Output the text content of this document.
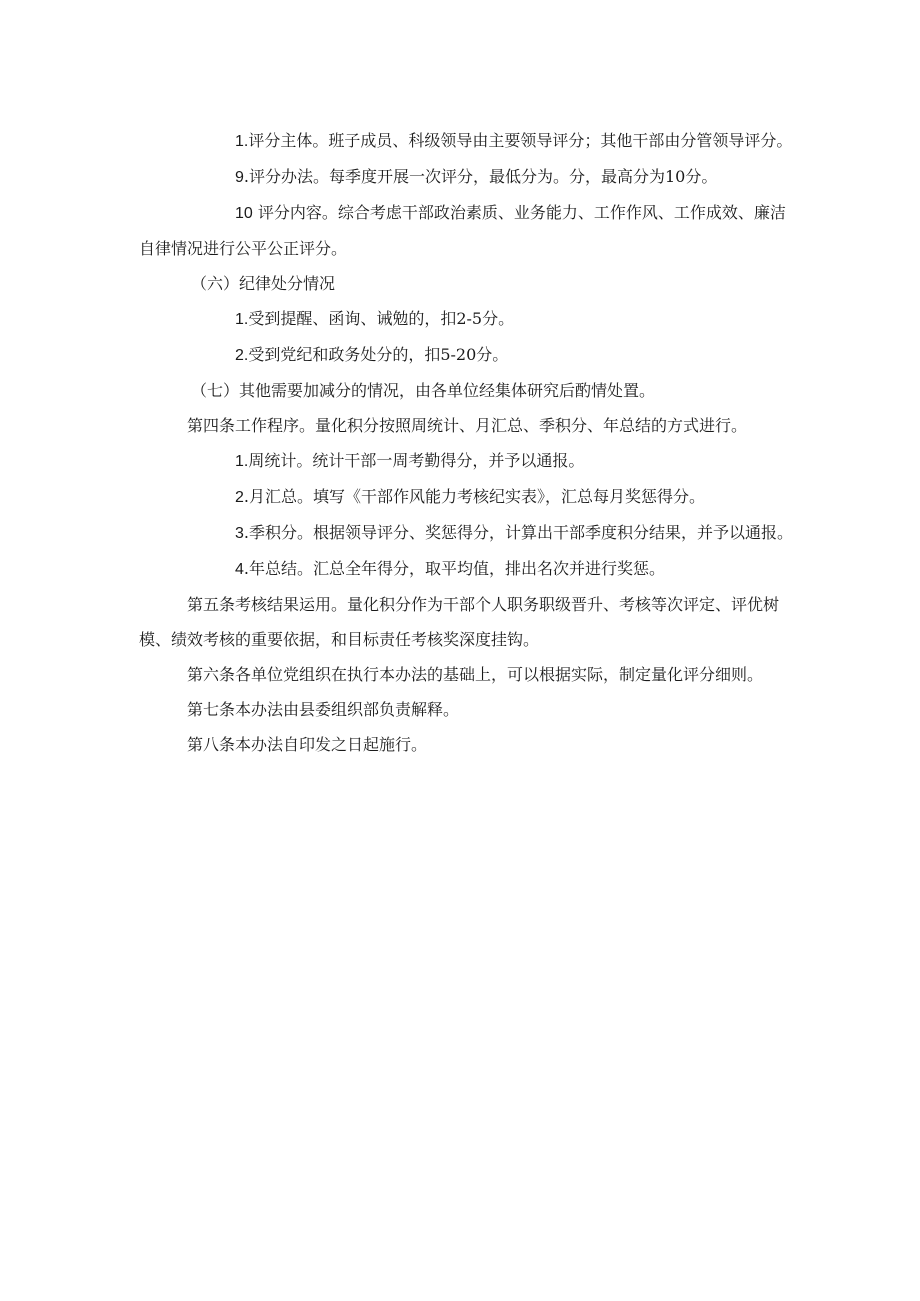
1.评分主体。班子成员、科级领导由主要领导评分；其他干部由分管领导评分。

9.评分办法。每季度开展一次评分，最低分为。分，最高分为10分。

10 评分内容。综合考虑干部政治素质、业务能力、工作作风、工作成效、廉洁自律情况进行公平公正评分。

（六）纪律处分情况

1.受到提醒、函询、诫勉的，扣2-5分。

2.受到党纪和政务处分的，扣5-20分。

（七）其他需要加减分的情况，由各单位经集体研究后酌情处置。

第四条工作程序。量化积分按照周统计、月汇总、季积分、年总结的方式进行。

1.周统计。统计干部一周考勤得分，并予以通报。

2.月汇总。填写《干部作风能力考核纪实表》，汇总每月奖惩得分。

3.季积分。根据领导评分、奖惩得分，计算出干部季度积分结果，并予以通报。

4.年总结。汇总全年得分，取平均值，排出名次并进行奖惩。

第五条考核结果运用。量化积分作为干部个人职务职级晋升、考核等次评定、评优树模、绩效考核的重要依据，和目标责任考核奖深度挂钩。

第六条各单位党组织在执行本办法的基础上，可以根据实际，制定量化评分细则。

第七条本办法由县委组织部负责解释。

第八条本办法自印发之日起施行。
